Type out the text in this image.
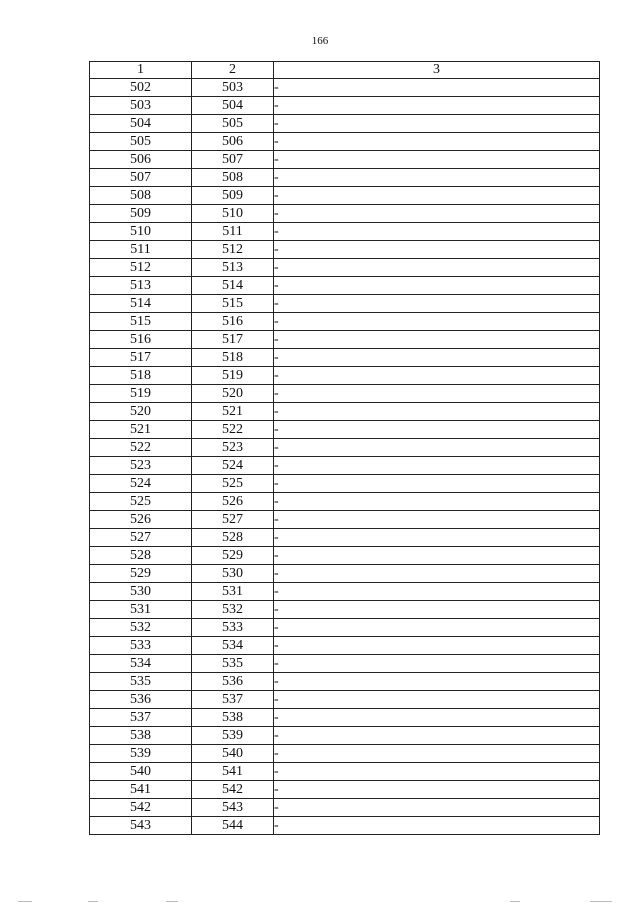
166
1	2	3
502	503	-
503	504	-
504	505	-
505	506	-
506	507	-
507	508	-
508	509	-
509	510	-
510	511	-
511	512	-
512	513	-
513	514	-
514	515	-
515	516	-
516	517	-
517	518	-
518	519	-
519	520	-
520	521	-
521	522	-
522	523	-
523	524	-
524	525	-
525	526	-
526	527	-
527	528	-
528	529	-
529	530	-
530	531	-
531	532	-
532	533	-
533	534	-
534	535	-
535	536	-
536	537	-
537	538	-
538	539	-
539	540	-
540	541	-
541	542	-
542	543	-
543	544	-
